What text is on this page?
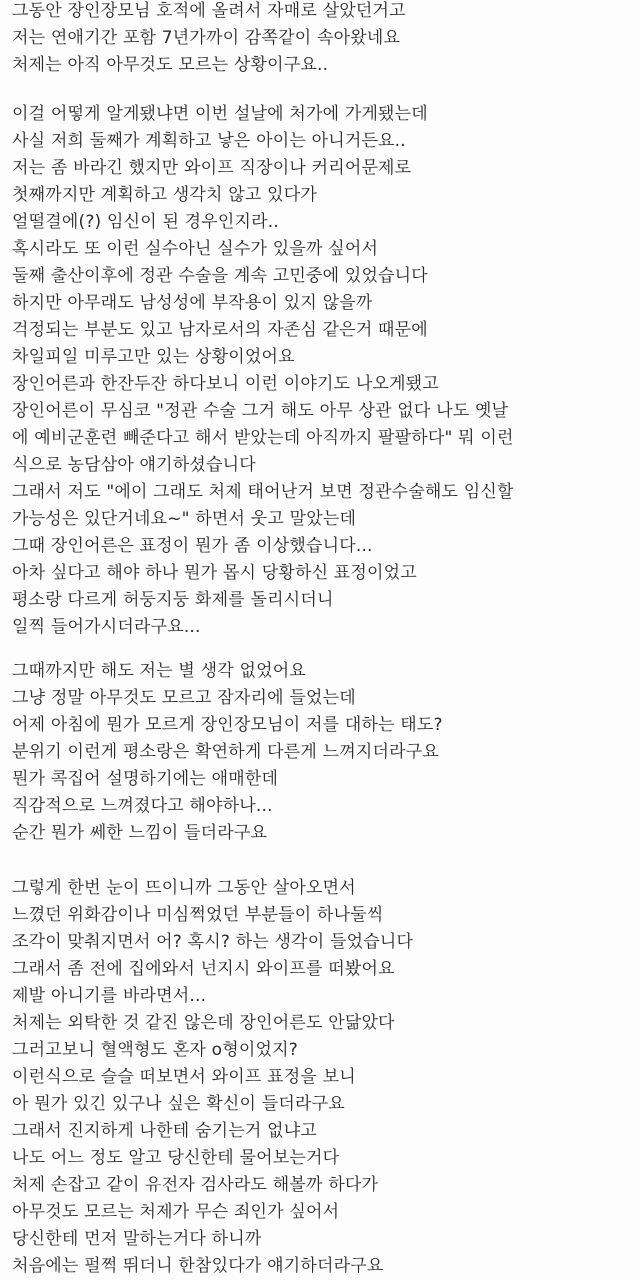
그동안 장인장모님 호적에 올려서 자매로 살았던거고
저는 연애기간 포함 7년가까이 감쪽같이 속아왔네요
처제는 아직 아무것도 모르는 상황이구요..
이걸 어떻게 알게됐냐면 이번 설날에 처가에 가게됐는데
사실 저희 둘째가 계획하고 낳은 아이는 아니거든요..
저는 좀 바라긴 했지만 와이프 직장이나 커리어문제로
첫째까지만 계획하고 생각치 않고 있다가
얼떨결에(?) 임신이 된 경우인지라..
혹시라도 또 이런 실수아닌 실수가 있을까 싶어서
둘째 출산이후에 정관 수술을 계속 고민중에 있었습니다
하지만 아무래도 남성성에 부작용이 있지 않을까
걱정되는 부분도 있고 남자로서의 자존심 같은거 때문에
차일피일 미루고만 있는 상황이었어요
장인어른과 한잔두잔 하다보니 이런 이야기도 나오게됐고
장인어른이 무심코 "정관 수술 그거 해도 아무 상관 없다 나도 옛날
에 예비군훈련 빼준다고 해서 받았는데 아직까지 팔팔하다" 뭐 이런
식으로 농담삼아 얘기하셨습니다
그래서 저도 "에이 그래도 처제 태어난거 보면 정관수술해도 임신할
가능성은 있단거네요~" 하면서 웃고 말았는데
그때 장인어른은 표정이 뭔가 좀 이상했습니다...
아차 싶다고 해야 하나 뭔가 몹시 당황하신 표정이었고
평소랑 다르게 허둥지둥 화제를 돌리시더니
일찍 들어가시더라구요...
그때까지만 해도 저는 별 생각 없었어요
그냥 정말 아무것도 모르고 잠자리에 들었는데
어제 아침에 뭔가 모르게 장인장모님이 저를 대하는 태도?
분위기 이런게 평소랑은 확연하게 다른게 느껴지더라구요
뭔가 콕집어 설명하기에는 애매한데
직감적으로 느껴졌다고 해야하나...
순간 뭔가 쎄한 느낌이 들더라구요
그렇게 한번 눈이 뜨이니까 그동안 살아오면서
느꼈던 위화감이나 미심쩍었던 부분들이 하나둘씩
조각이 맞춰지면서 어? 혹시? 하는 생각이 들었습니다
그래서 좀 전에 집에와서 넌지시 와이프를 떠봤어요
제발 아니기를 바라면서...
처제는 외탁한 것 같진 않은데 장인어른도 안닮았다
그러고보니 혈액형도 혼자 o형이었지?
이런식으로 슬슬 떠보면서 와이프 표정을 보니
아 뭔가 있긴 있구나 싶은 확신이 들더라구요
그래서 진지하게 나한테 숨기는거 없냐고
나도 어느 정도 알고 당신한테 물어보는거다
처제 손잡고 같이 유전자 검사라도 해볼까 하다가
아무것도 모르는 처제가 무슨 죄인가 싶어서
당신한테 먼저 말하는거다 하니까
처음에는 펄쩍 뛰더니 한참있다가 얘기하더라구요
